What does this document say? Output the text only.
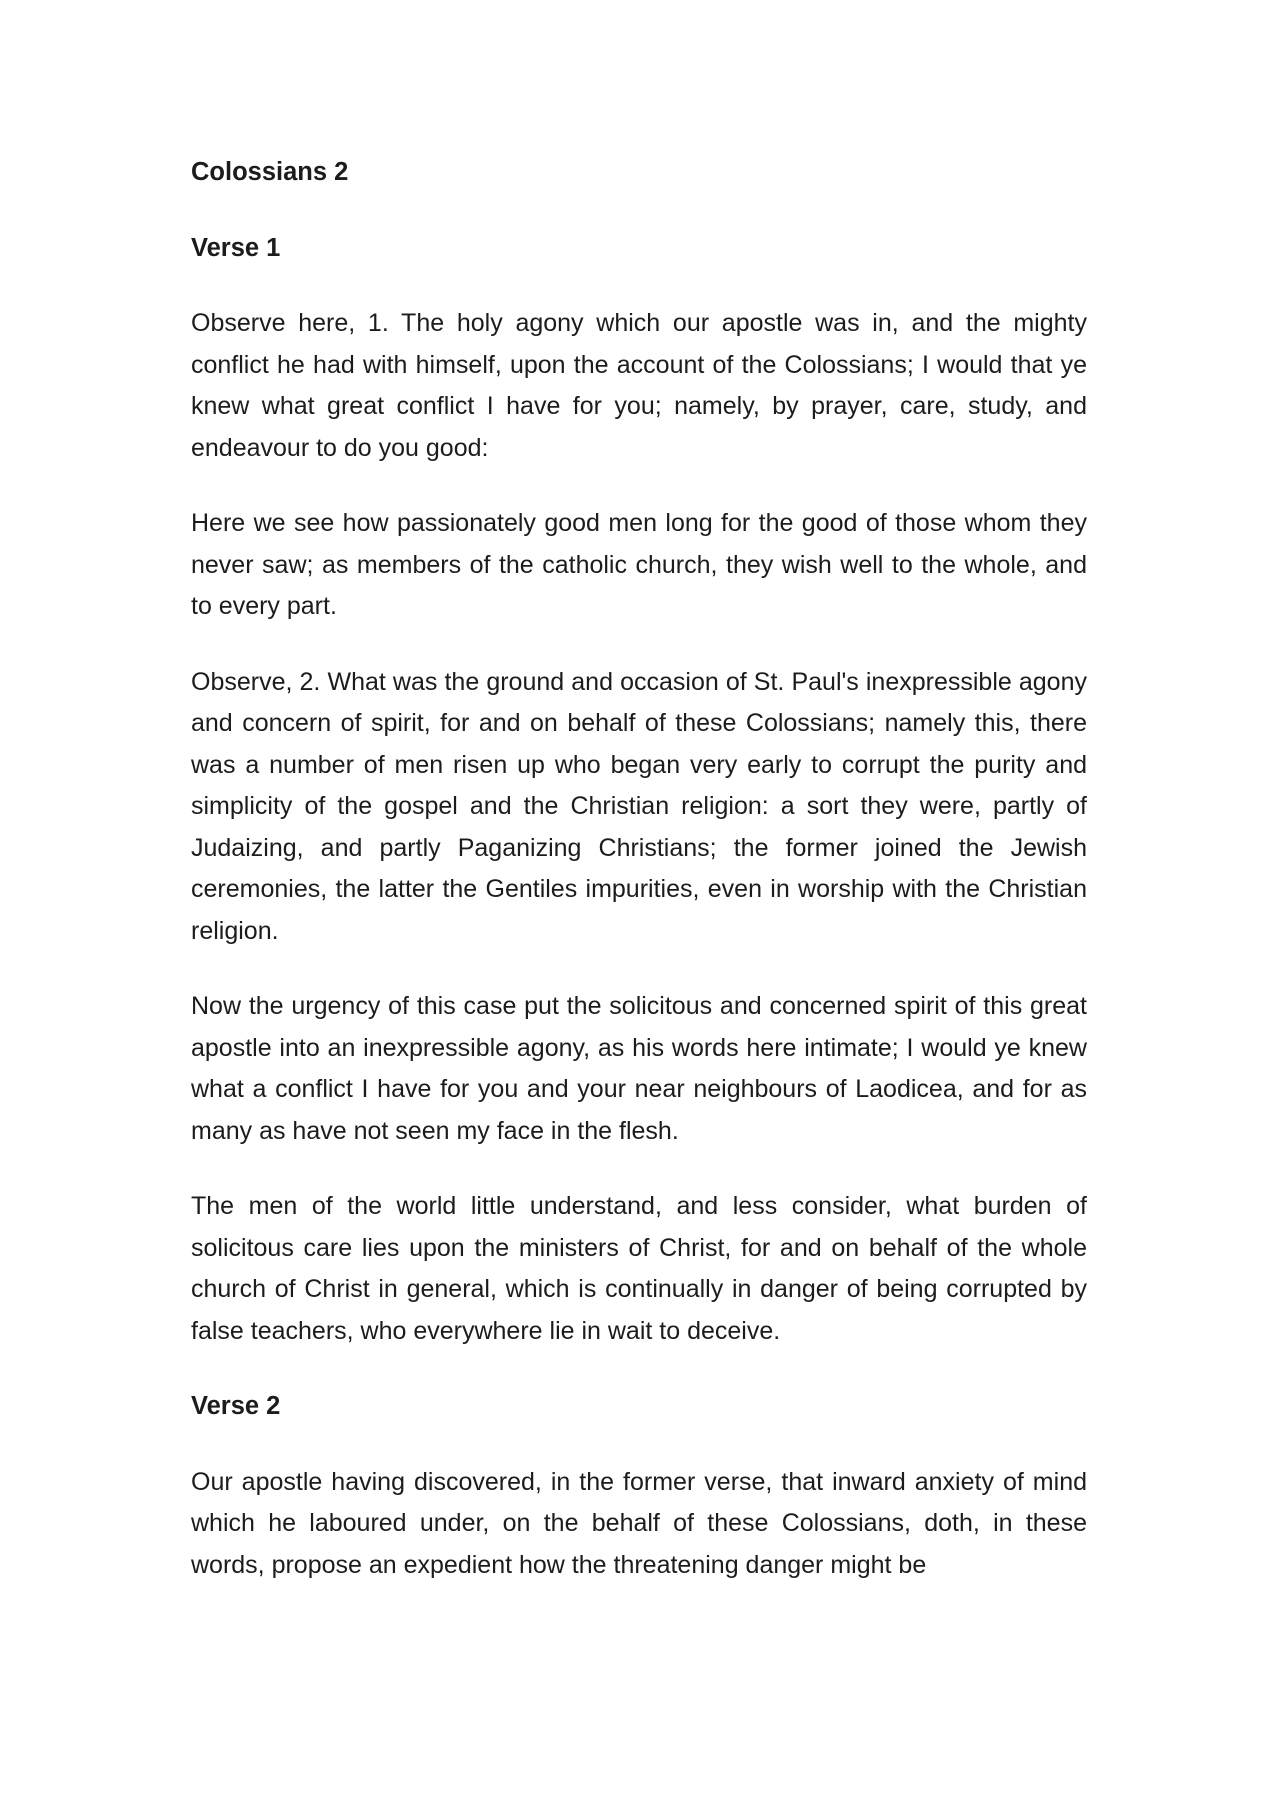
Colossians 2
Verse 1

Observe here, 1. The holy agony which our apostle was in, and the mighty conflict he had with himself, upon the account of the Colossians; I would that ye knew what great conflict I have for you; namely, by prayer, care, study, and endeavour to do you good:

Here we see how passionately good men long for the good of those whom they never saw; as members of the catholic church, they wish well to the whole, and to every part.

Observe, 2. What was the ground and occasion of St. Paul's inexpressible agony and concern of spirit, for and on behalf of these Colossians; namely this, there was a number of men risen up who began very early to corrupt the purity and simplicity of the gospel and the Christian religion: a sort they were, partly of Judaizing, and partly Paganizing Christians; the former joined the Jewish ceremonies, the latter the Gentiles impurities, even in worship with the Christian religion.

Now the urgency of this case put the solicitous and concerned spirit of this great apostle into an inexpressible agony, as his words here intimate; I would ye knew what a conflict I have for you and your near neighbours of Laodicea, and for as many as have not seen my face in the flesh.

The men of the world little understand, and less consider, what burden of solicitous care lies upon the ministers of Christ, for and on behalf of the whole church of Christ in general, which is continually in danger of being corrupted by false teachers, who everywhere lie in wait to deceive.

Verse 2

Our apostle having discovered, in the former verse, that inward anxiety of mind which he laboured under, on the behalf of these Colossians, doth, in these words, propose an expedient how the threatening danger might be
